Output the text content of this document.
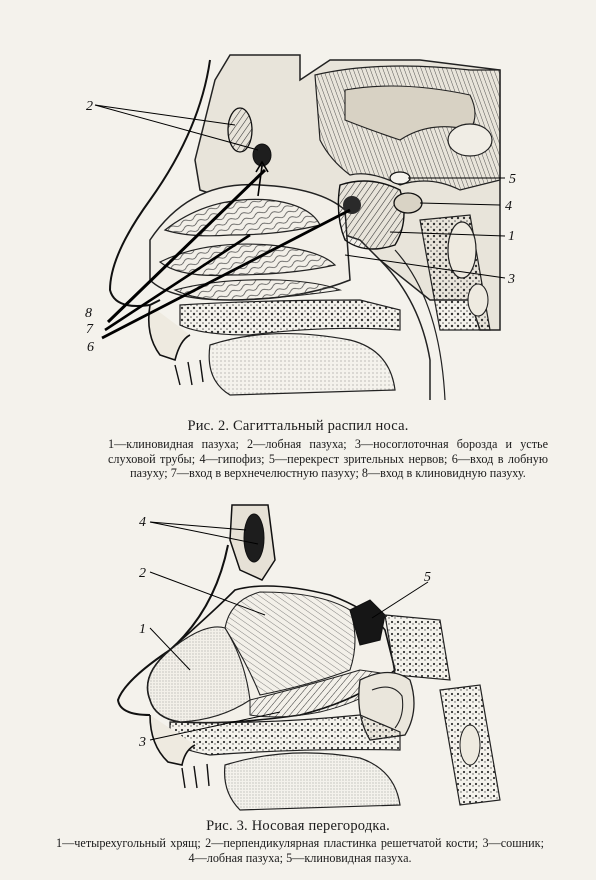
2
5
4
1
3
8
7
6
Рис. 2. Сагиттальный распил носа.
1—клиновидная пазуха; 2—лобная пазуха; 3—носоглоточная борозда и устье слуховой трубы; 4—гипофиз; 5—перекрест зрительных нервов; 6—вход в лобную пазуху; 7—вход в верхнечелюстную пазуху; 8—вход в клиновидную пазуху.
4
2
1
3
5
Рис. 3. Носовая перегородка.
1—четырехугольный хрящ; 2—перпендикулярная пластинка решетчатой кости; 3—сошник; 4—лобная пазуха; 5—клиновидная пазуха.
